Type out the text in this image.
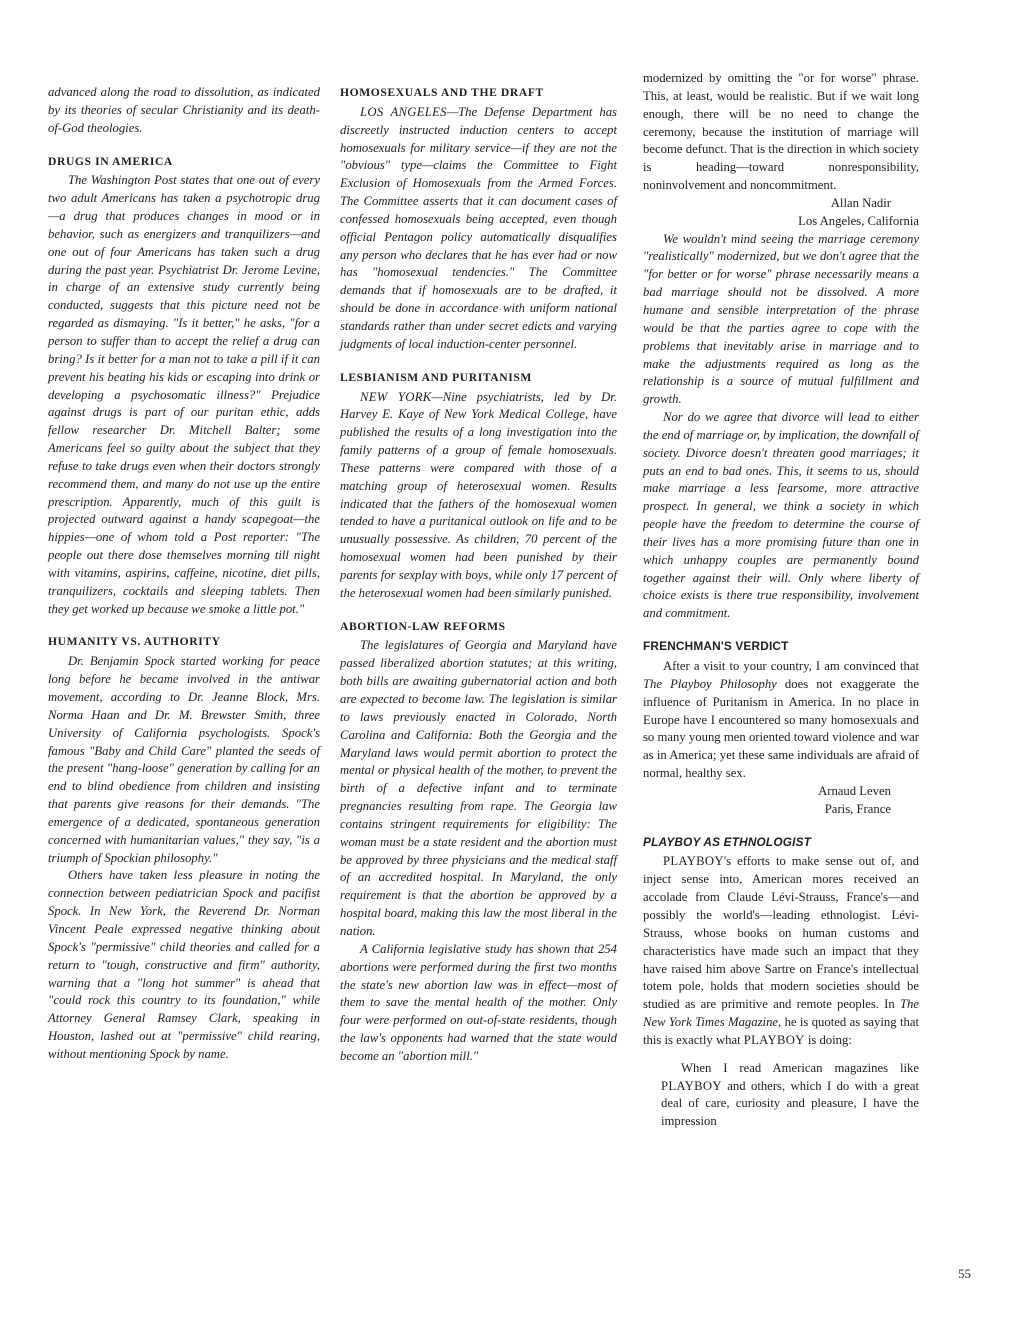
advanced along the road to dissolution, as indicated by its theories of secular Christianity and its death-of-God theologies.

DRUGS IN AMERICA

The Washington Post states that one out of every two adult Americans has taken a psychotropic drug—a drug that produces changes in mood or in behavior, such as energizers and tranquilizers—and one out of four Americans has taken such a drug during the past year. Psychiatrist Dr. Jerome Levine, in charge of an extensive study currently being conducted, suggests that this picture need not be regarded as dismaying. "Is it better," he asks, "for a person to suffer than to accept the relief a drug can bring? Is it better for a man not to take a pill if it can prevent his beating his kids or escaping into drink or developing a psychosomatic illness?" Prejudice against drugs is part of our puritan ethic, adds fellow researcher Dr. Mitchell Balter; some Americans feel so guilty about the subject that they refuse to take drugs even when their doctors strongly recommend them, and many do not use up the entire prescription. Apparently, much of this guilt is projected outward against a handy scapegoat—the hippies—one of whom told a Post reporter: "The people out there dose themselves morning till night with vitamins, aspirins, caffeine, nicotine, diet pills, tranquilizers, cocktails and sleeping tablets. Then they get worked up because we smoke a little pot."

HUMANITY VS. AUTHORITY

Dr. Benjamin Spock started working for peace long before he became involved in the antiwar movement, according to Dr. Jeanne Block, Mrs. Norma Haan and Dr. M. Brewster Smith, three University of California psychologists. Spock's famous "Baby and Child Care" planted the seeds of the present "hang-loose" generation by calling for an end to blind obedience from children and insisting that parents give reasons for their demands. "The emergence of a dedicated, spontaneous generation concerned with humanitarian values," they say, "is a triumph of Spockian philosophy."

Others have taken less pleasure in noting the connection between pediatrician Spock and pacifist Spock. In New York, the Reverend Dr. Norman Vincent Peale expressed negative thinking about Spock's "permissive" child theories and called for a return to "tough, constructive and firm" authority, warning that a "long hot summer" is ahead that "could rock this country to its foundation," while Attorney General Ramsey Clark, speaking in Houston, lashed out at "permissive" child rearing, without mentioning Spock by name.

HOMOSEXUALS AND THE DRAFT

LOS ANGELES—The Defense Department has discreetly instructed induction centers to accept homosexuals for military service—if they are not the "obvious" type—claims the Committee to Fight Exclusion of Homosexuals from the Armed Forces. The Committee asserts that it can document cases of confessed homosexuals being accepted, even though official Pentagon policy automatically disqualifies any person who declares that he has ever had or now has "homosexual tendencies." The Committee demands that if homosexuals are to be drafted, it should be done in accordance with uniform national standards rather than under secret edicts and varying judgments of local induction-center personnel.

LESBIANISM AND PURITANISM

NEW YORK—Nine psychiatrists, led by Dr. Harvey E. Kaye of New York Medical College, have published the results of a long investigation into the family patterns of a group of female homosexuals. These patterns were compared with those of a matching group of heterosexual women. Results indicated that the fathers of the homosexual women tended to have a puritanical outlook on life and to be unusually possessive. As children, 70 percent of the homosexual women had been punished by their parents for sexplay with boys, while only 17 percent of the heterosexual women had been similarly punished.

ABORTION-LAW REFORMS

The legislatures of Georgia and Maryland have passed liberalized abortion statutes; at this writing, both bills are awaiting gubernatorial action and both are expected to become law. The legislation is similar to laws previously enacted in Colorado, North Carolina and California: Both the Georgia and the Maryland laws would permit abortion to protect the mental or physical health of the mother, to prevent the birth of a defective infant and to terminate pregnancies resulting from rape. The Georgia law contains stringent requirements for eligibility: The woman must be a state resident and the abortion must be approved by three physicians and the medical staff of an accredited hospital. In Maryland, the only requirement is that the abortion be approved by a hospital board, making this law the most liberal in the nation.

A California legislative study has shown that 254 abortions were performed during the first two months the state's new abortion law was in effect—most of them to save the mental health of the mother. Only four were performed on out-of-state residents, though the law's opponents had warned that the state would become an "abortion mill."

modernized by omitting the "or for worse" phrase. This, at least, would be realistic. But if we wait long enough, there will be no need to change the ceremony, because the institution of marriage will become defunct. That is the direction in which society is heading—toward nonresponsibility, noninvolvement and noncommitment.

Allan Nadir

Los Angeles, California

We wouldn't mind seeing the marriage ceremony "realistically" modernized, but we don't agree that the "for better or for worse" phrase necessarily means a bad marriage should not be dissolved. A more humane and sensible interpretation of the phrase would be that the parties agree to cope with the problems that inevitably arise in marriage and to make the adjustments required as long as the relationship is a source of mutual fulfillment and growth.

Nor do we agree that divorce will lead to either the end of marriage or, by implication, the downfall of society. Divorce doesn't threaten good marriages; it puts an end to bad ones. This, it seems to us, should make marriage a less fearsome, more attractive prospect. In general, we think a society in which people have the freedom to determine the course of their lives has a more promising future than one in which unhappy couples are permanently bound together against their will. Only where liberty of choice exists is there true responsibility, involvement and commitment.

FRENCHMAN'S VERDICT

After a visit to your country, I am convinced that The Playboy Philosophy does not exaggerate the influence of Puritanism in America. In no place in Europe have I encountered so many homosexuals and so many young men oriented toward violence and war as in America; yet these same individuals are afraid of normal, healthy sex.

Arnaud Leven

Paris, France

PLAYBOY AS ETHNOLOGIST

PLAYBOY's efforts to make sense out of, and inject sense into, American mores received an accolade from Claude Lévi-Strauss, France's—and possibly the world's—leading ethnologist. Lévi-Strauss, whose books on human customs and characteristics have made such an impact that they have raised him above Sartre on France's intellectual totem pole, holds that modern societies should be studied as are primitive and remote peoples. In The New York Times Magazine, he is quoted as saying that this is exactly what PLAYBOY is doing:

When I read American magazines like PLAYBOY and others, which I do with a great deal of care, curiosity and pleasure, I have the impression

55
